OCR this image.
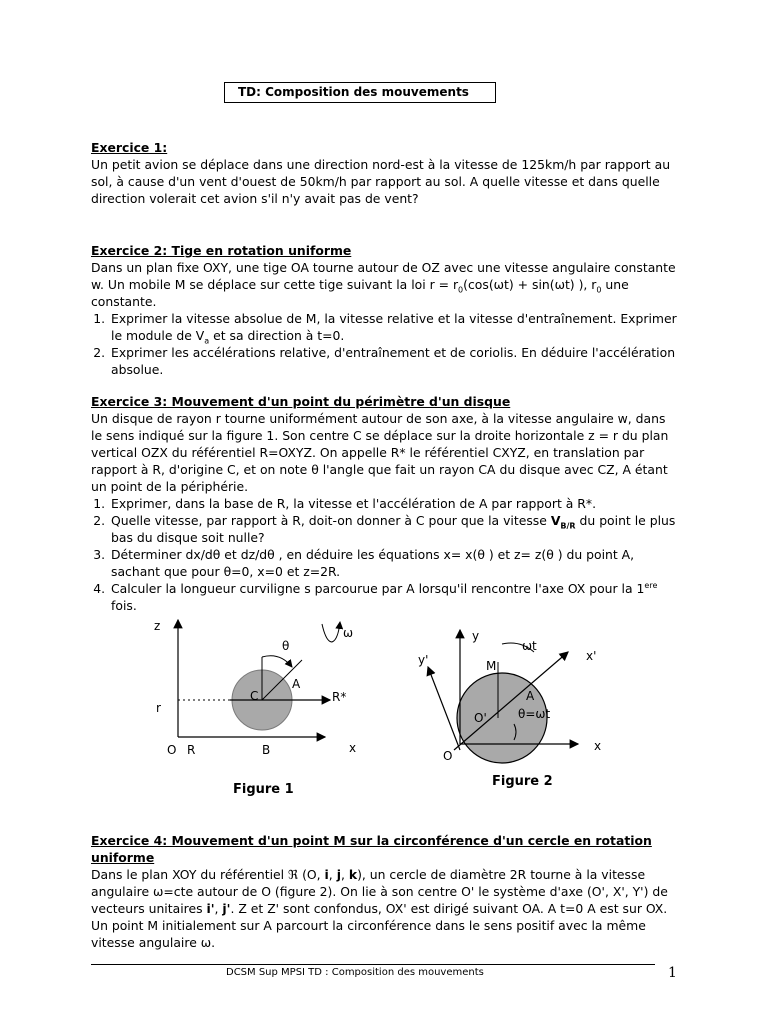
TD: Composition des mouvements

Exercice 1:

Un petit avion se déplace dans une direction nord-est à la vitesse de 125km/h par rapport au sol, à cause d'un vent d'ouest de 50km/h par rapport au sol. A quelle vitesse et dans quelle direction volerait cet avion s'il n'y avait pas de vent?

Exercice 2: Tige en rotation uniforme

Dans un plan fixe OXY, une tige OA tourne autour de OZ avec une vitesse angulaire constante w. Un mobile M se déplace sur cette tige suivant la loi $r = r_0(\cos(\omega t) + \sin(\omega t)$ ), $r_0$ une constante.

1. Exprimer la vitesse absolue de M, la vitesse relative et la vitesse d'entraînement. Exprimer le module de $V_a$ et sa direction à t=0.
2. Exprimer les accélérations relative, d'entraînement et de coriolis. En déduire l'accélération absolue.

Exercice 3: Mouvement d'un point du périmètre d'un disque

Un disque de rayon r tourne uniformément autour de son axe, à la vitesse angulaire w, dans le sens indiqué sur la figure 1. Son centre C se déplace sur la droite horizontale z = r du plan vertical OZX du référentiel R=OXYZ. On appelle R* le référentiel CXYZ, en translation par rapport à R, d'origine C, et on note θ l'angle que fait un rayon CA du disque avec CZ, A étant un point de la périphérie.

1. Exprimer, dans la base de R, la vitesse et l'accélération de A par rapport à R*.
2. Quelle vitesse, par rapport à R, doit-on donner à C pour que la vitesse $V_{B/R}$ du point le plus bas du disque soit nulle?
3. Déterminer dx/dθ et dz/dθ , en déduire les équations x= x(θ ) et z= z(θ ) du point A, sachant que pour θ=0, x=0 et z=2R.
4. Calculer la longueur curviligne s parcourue par A lorsqu'il rencontre l'axe OX pour la 1ere fois.
z
θ
ω
A
C	R*
r
O R	B	x
Figure 1
y
y'
ωt
x'
M
A
O'	θ=ωt
O
x
Figure 2

Exercice 4: Mouvement d'un point M sur la circonférence d'un cercle en rotation uniforme

Dans le plan XOY du référentiel ℜ (O, i, j, k), un cercle de diamètre 2R tourne à la vitesse angulaire ω=cte autour de O (figure 2). On lie à son centre O' le système d'axe (O', X', Y') de vecteurs unitaires i', j'. Z et Z' sont confondus, OX' est dirigé suivant OA. A t=0 A est sur OX. Un point M initialement sur A parcourt la circonférence dans le sens positif avec la même vitesse angulaire ω.

DCSM Sup MPSI TD : Composition des mouvements	1
